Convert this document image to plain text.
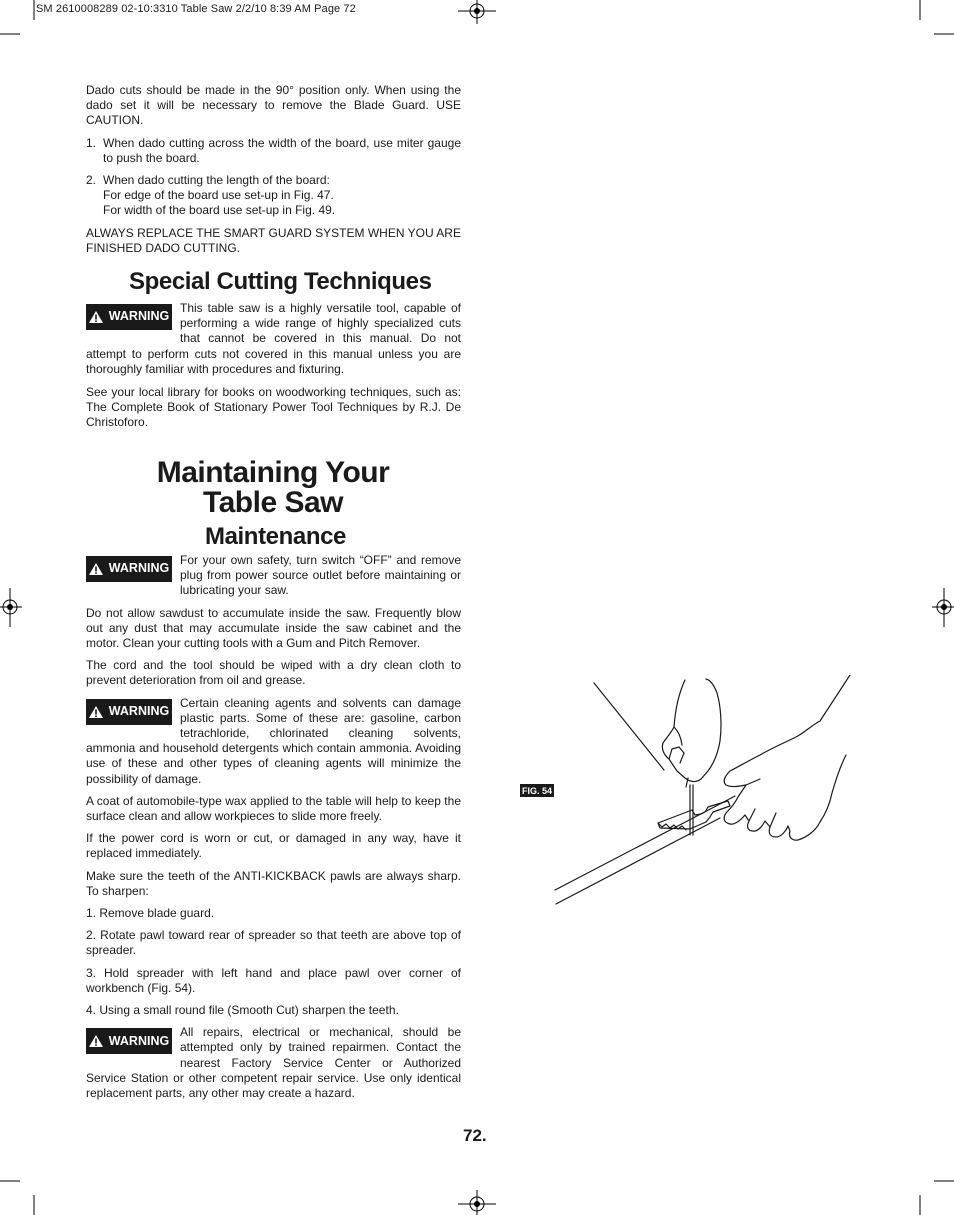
SM 2610008289 02-10:3310 Table Saw 2/2/10 8:39 AM Page 72

Dado cuts should be made in the 90° position only. When using the dado set it will be necessary to remove the Blade Guard. USE CAUTION.

1. When dado cutting across the width of the board, use miter gauge to push the board.
2. When dado cutting the length of the board:
For edge of the board use set-up in Fig. 47.
For width of the board use set-up in Fig. 49.

ALWAYS REPLACE THE SMART GUARD SYSTEM WHEN YOU ARE FINISHED DADO CUTTING.

Special Cutting Techniques
WARNING

This table saw is a highly versatile tool, capable of performing a wide range of highly specialized cuts that cannot be covered in this manual. Do not attempt to perform cuts not covered in this manual unless you are thoroughly familiar with procedures and fixturing.

See your local library for books on woodworking techniques, such as: The Complete Book of Stationary Power Tool Techniques by R.J. De Christoforo.

Maintaining Your
Table Saw
Maintenance
WARNING

For your own safety, turn switch “OFF” and remove plug from power source outlet before maintaining or lubricating your saw.

Do not allow sawdust to accumulate inside the saw. Frequently blow out any dust that may accumulate inside the saw cabinet and the motor. Clean your cutting tools with a Gum and Pitch Remover.

The cord and the tool should be wiped with a dry clean cloth to prevent deterioration from oil and grease.

WARNING

Certain cleaning agents and solvents can damage plastic parts. Some of these are: gasoline, carbon tetrachloride, chlorinated cleaning solvents, ammonia and household detergents which contain ammonia. Avoiding use of these and other types of cleaning agents will minimize the possibility of damage.

A coat of automobile-type wax applied to the table will help to keep the surface clean and allow workpieces to slide more freely.

If the power cord is worn or cut, or damaged in any way, have it replaced immediately.

Make sure the teeth of the ANTI-KICKBACK pawls are always sharp. To sharpen:

1. Remove blade guard.

2. Rotate pawl toward rear of spreader so that teeth are above top of spreader.

3. Hold spreader with left hand and place pawl over corner of workbench (Fig. 54).

4. Using a small round file (Smooth Cut) sharpen the teeth.

WARNING

All repairs, electrical or mechanical, should be attempted only by trained repairmen. Contact the nearest Factory Service Center or Authorized Service Station or other competent repair service. Use only identical replacement parts, any other may create a hazard.

FIG. 54
72.
